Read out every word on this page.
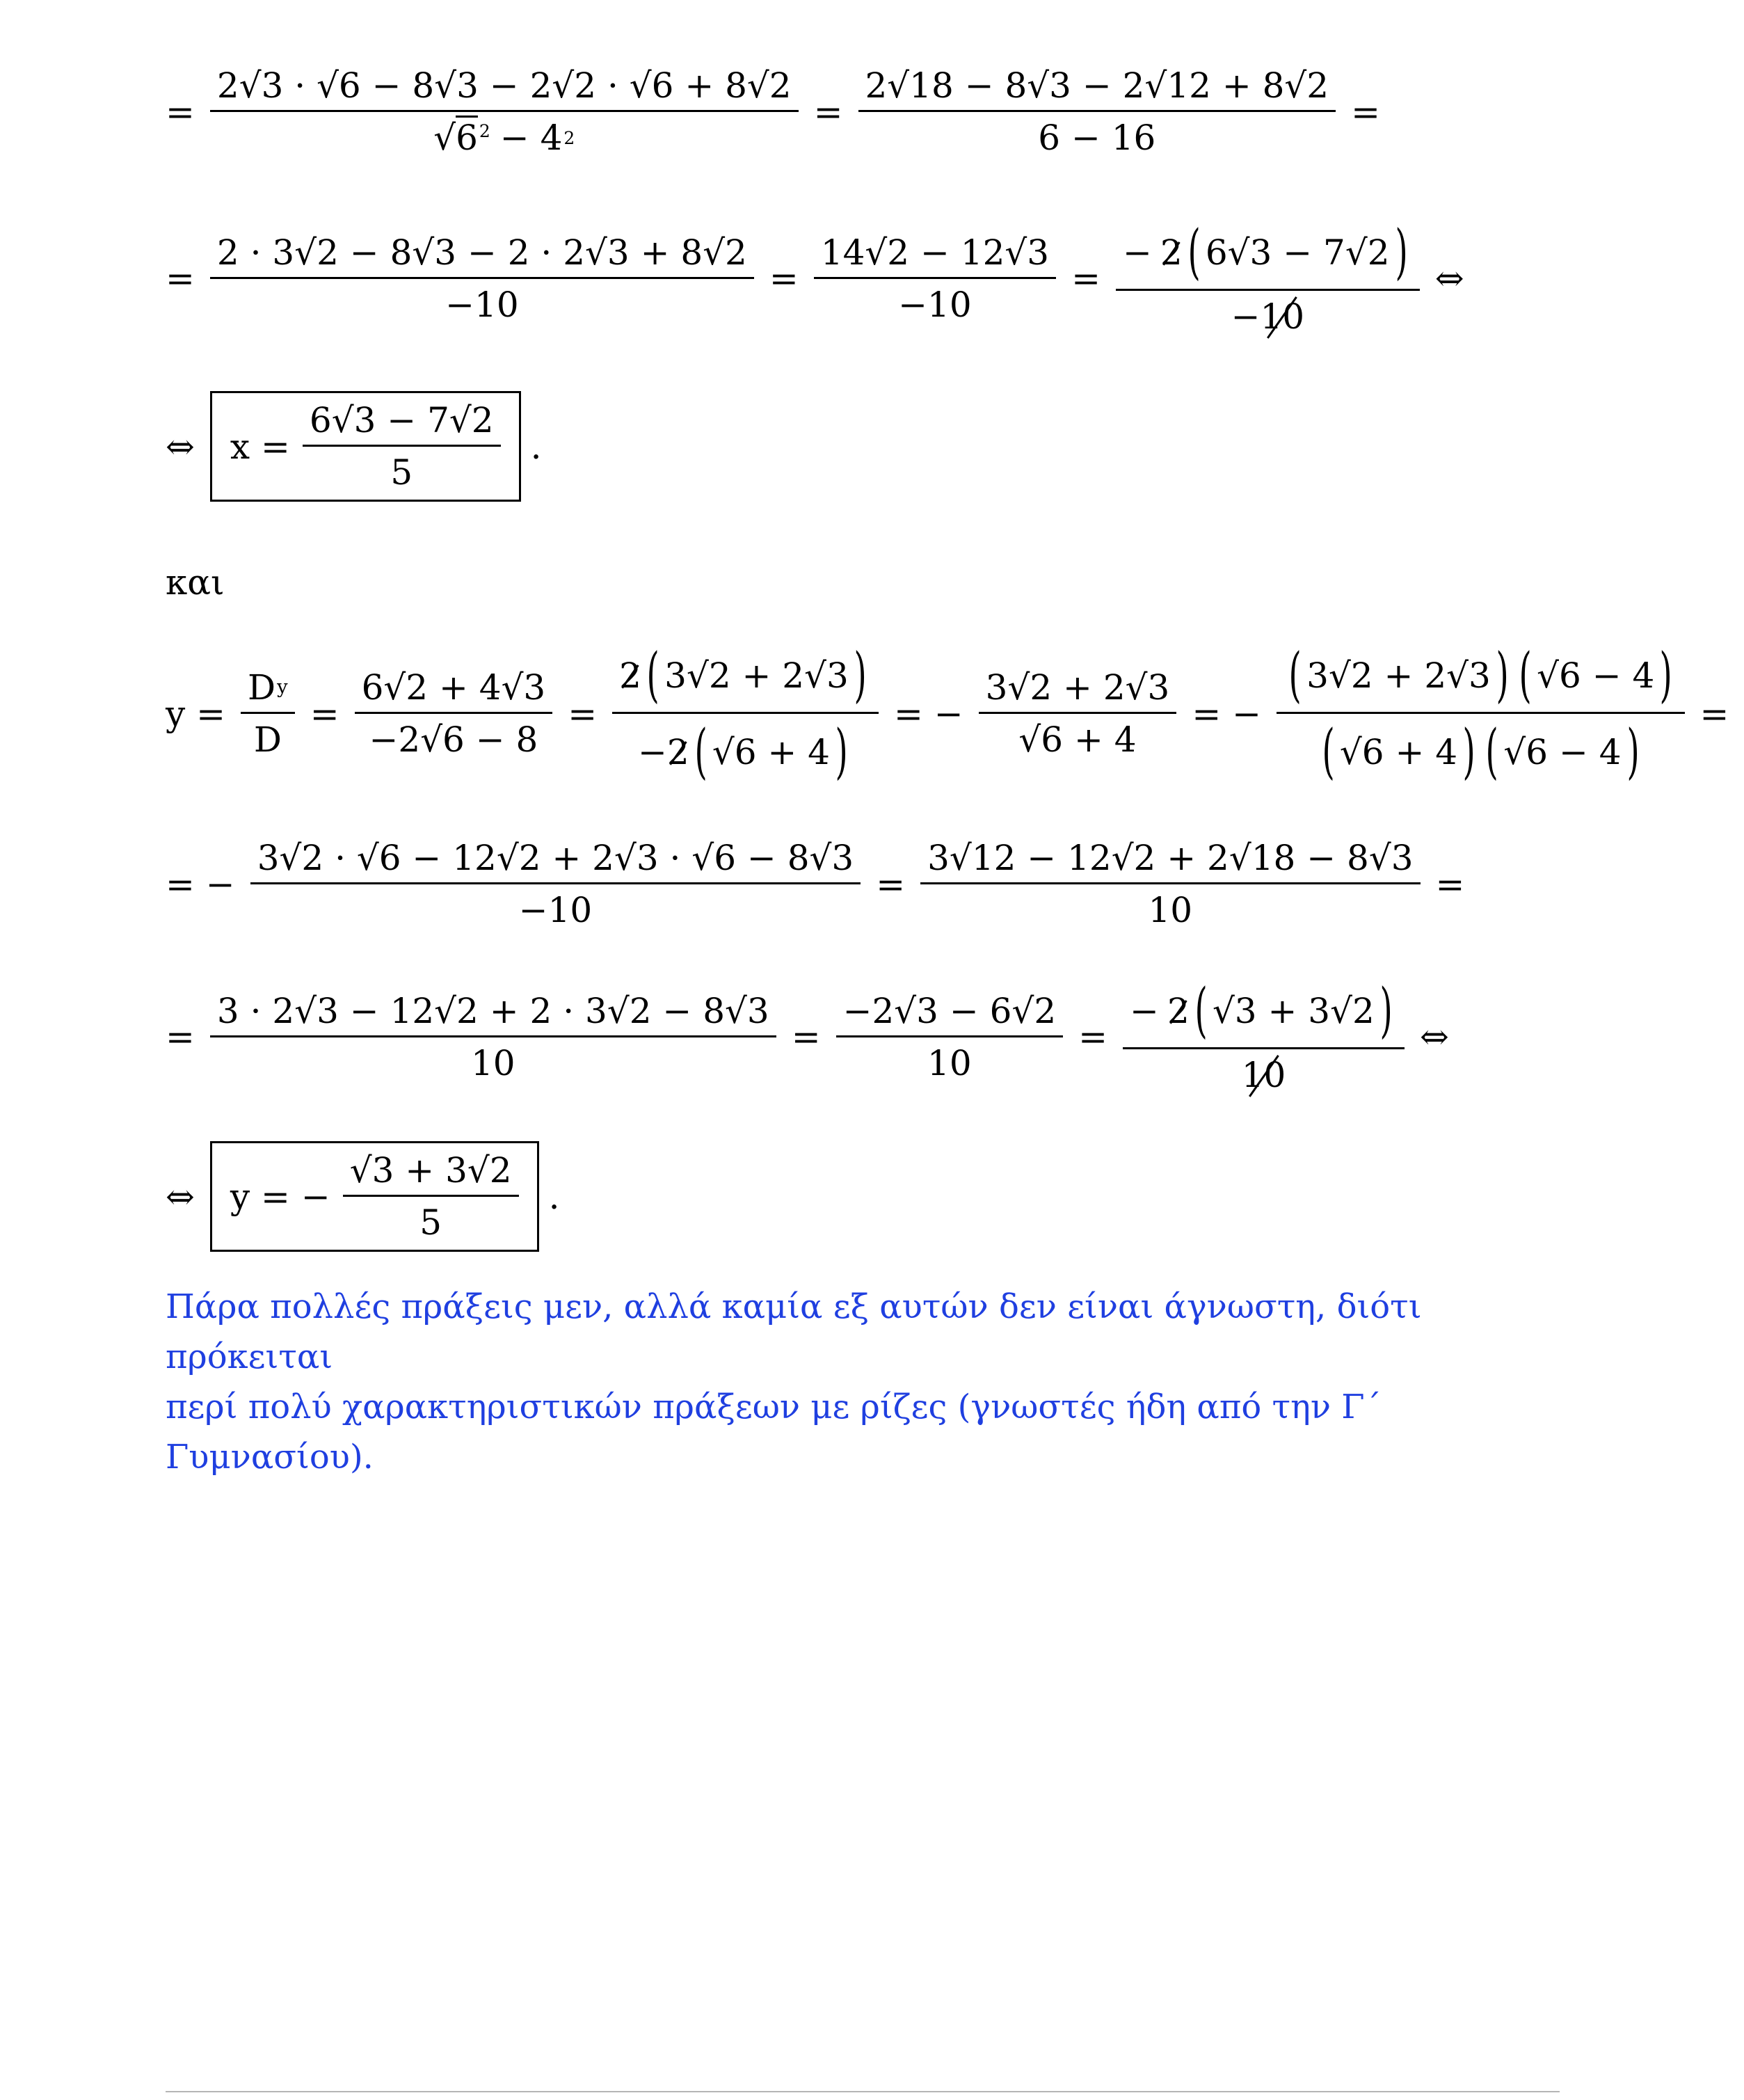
= $\frac{2√3 \cdot √6 - 8√3 - 2√2 \cdot √6 + 8√2}{√6^2 - 4 2} = \frac{2√18 - 8√3 - 2√12 + 8√2}{6 - 16}$ =
= $\frac{2 \cdot 3√2 - 8√3 - 2 \cdot 2√3 + 8√2}{-10} = \frac{14√2 - 12√3}{-10} = \frac{- 2 ( 6√3 - 7√2 )}{- 10}$ ⇔
⇔	$x = \frac{6√3 - 7√2}{5}$ .
και
$y = \frac{\text{D y}}{D} = \frac{6√2 + 4√3}{-2√6 - 8} = \frac{2 ( 3√2 + 2√3 )}{- 2 ( √6 + 4 )}$ = − $\frac{3√2 + 2√3}{√6 + 4}$ = − $\frac{( 3√2 + 2√3 ) ( √6 - 4 )}{( √6 + 4 ) ( √6 - 4 )}$ =
= − $\frac{3√2 \cdot √6 - 12√2 + 2√3 \cdot √6 - 8√3}{-10} = \frac{3√12 - 12√2 + 2√18 - 8√3}{10}$ =
= $\frac{3 \cdot 2√3 - 12√2 + 2 \cdot 3√2 - 8√3}{10} = \frac{-2√3 - 6√2}{10} = \frac{- 2 ( √3 + 3√2 )}{10}$ ⇔
⇔	y = − $\frac{√3 + 3√2}{5}$ .
Πάρα πολλές πράξεις μεν, αλλά καμία εξ αυτών δεν είναι άγνωστη, διότι πρόκειται
περί πολύ χαρακτηριστικών πράξεων με ρίζες (γνωστές ήδη από την Γ΄ Γυμνασίου).
